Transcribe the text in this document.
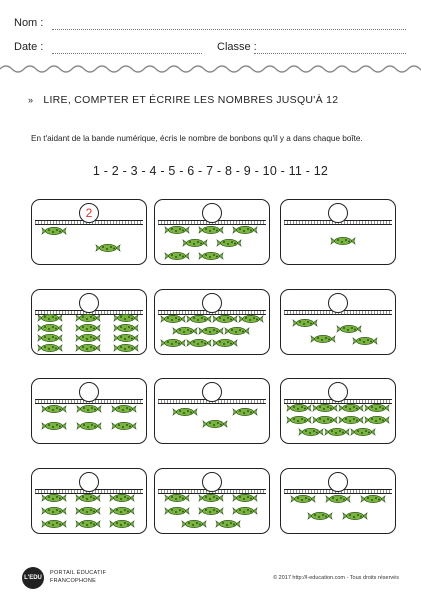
Nom :
Date :	Classe :
» LIRE, COMPTER ET ÉCRIRE LES NOMBRES JUSQU'À 12
En t'aidant de la bande numérique, écris le nombre de bonbons qu'il y a dans chaque boîte.
1 - 2 - 3 - 4 - 5 - 6 - 7 - 8 - 9 - 10 - 11 - 12
2
L'EDU
PORTAIL ÉDUCATIF
FRANCOPHONE	© 2017 http://l-education.com - Tous droits réservés
